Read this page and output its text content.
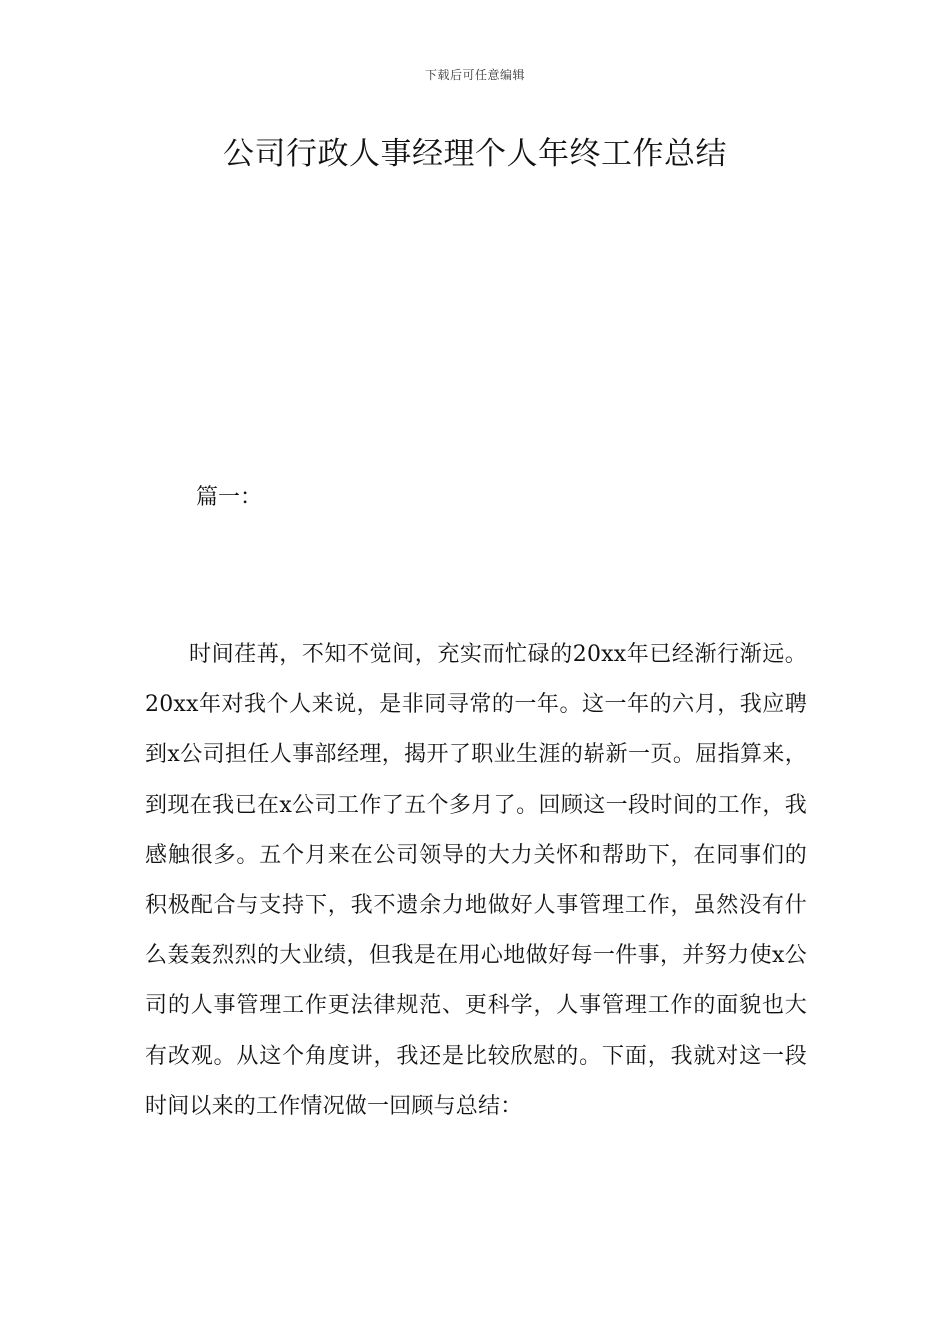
下载后可任意编辑
公司行政人事经理个人年终工作总结
篇一：

时间荏苒，不知不觉间，充实而忙碌的20xx年已经渐行渐远。20xx年对我个人来说，是非同寻常的一年。这一年的六月，我应聘到x公司担任人事部经理，揭开了职业生涯的崭新一页。屈指算来，到现在我已在x公司工作了五个多月了。回顾这一段时间的工作，我感触很多。五个月来在公司领导的大力关怀和帮助下，在同事们的积极配合与支持下，我不遗余力地做好人事管理工作，虽然没有什么轰轰烈烈的大业绩，但我是在用心地做好每一件事，并努力使x公司的人事管理工作更法律规范、更科学，人事管理工作的面貌也大有改观。从这个角度讲，我还是比较欣慰的。下面，我就对这一段时间以来的工作情况做一回顾与总结：
